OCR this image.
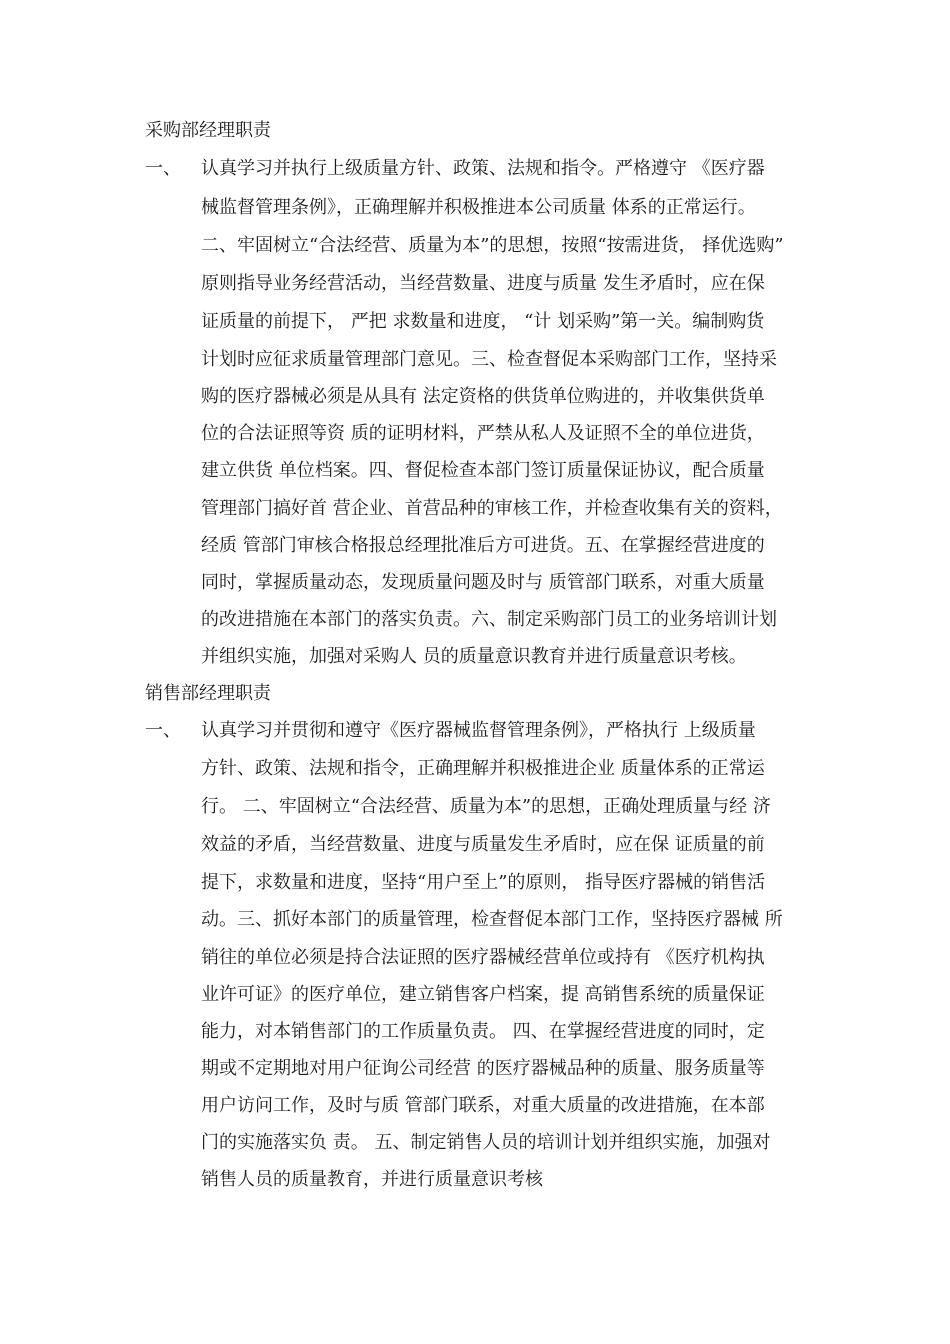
采购部经理职责
一、 认真学习并执行上级质量方针、政策、法规和指令。严格遵守 《医疗器
械监督管理条例》，正确理解并积极推进本公司质量 体系的正常运行。
二、牢固树立“合法经营、质量为本”的思想，按照“按需进货， 择优选购”
原则指导业务经营活动，当经营数量、进度与质量 发生矛盾时，应在保
证质量的前提下， 严把 求数量和进度， “计 划采购”第一关。编制购货
计划时应征求质量管理部门意见。三、检查督促本采购部门工作，坚持采
购的医疗器械必须是从具有 法定资格的供货单位购进的，并收集供货单
位的合法证照等资 质的证明材料，严禁从私人及证照不全的单位进货，
建立供货 单位档案。四、督促检查本部门签订质量保证协议，配合质量
管理部门搞好首 营企业、首营品种的审核工作，并检查收集有关的资料，
经质 管部门审核合格报总经理批准后方可进货。五、在掌握经营进度的
同时，掌握质量动态，发现质量问题及时与 质管部门联系，对重大质量
的改进措施在本部门的落实负责。六、制定采购部门员工的业务培训计划
并组织实施，加强对采购人 员的质量意识教育并进行质量意识考核。
销售部经理职责
一、 认真学习并贯彻和遵守《医疗器械监督管理条例》，严格执行 上级质量
方针、政策、法规和指令，正确理解并积极推进企业 质量体系的正常运
行。 二、牢固树立“合法经营、质量为本”的思想，正确处理质量与经 济
效益的矛盾，当经营数量、进度与质量发生矛盾时，应在保 证质量的前
提下，求数量和进度，坚持“用户至上”的原则， 指导医疗器械的销售活
动。三、抓好本部门的质量管理，检查督促本部门工作，坚持医疗器械 所
销往的单位必须是持合法证照的医疗器械经营单位或持有 《医疗机构执
业许可证》的医疗单位，建立销售客户档案，提 高销售系统的质量保证
能力，对本销售部门的工作质量负责。 四、在掌握经营进度的同时，定
期或不定期地对用户征询公司经营 的医疗器械品种的质量、服务质量等
用户访问工作，及时与质 管部门联系，对重大质量的改进措施，在本部
门的实施落实负 责。 五、制定销售人员的培训计划并组织实施，加强对
销售人员的质量教育，并进行质量意识考核
